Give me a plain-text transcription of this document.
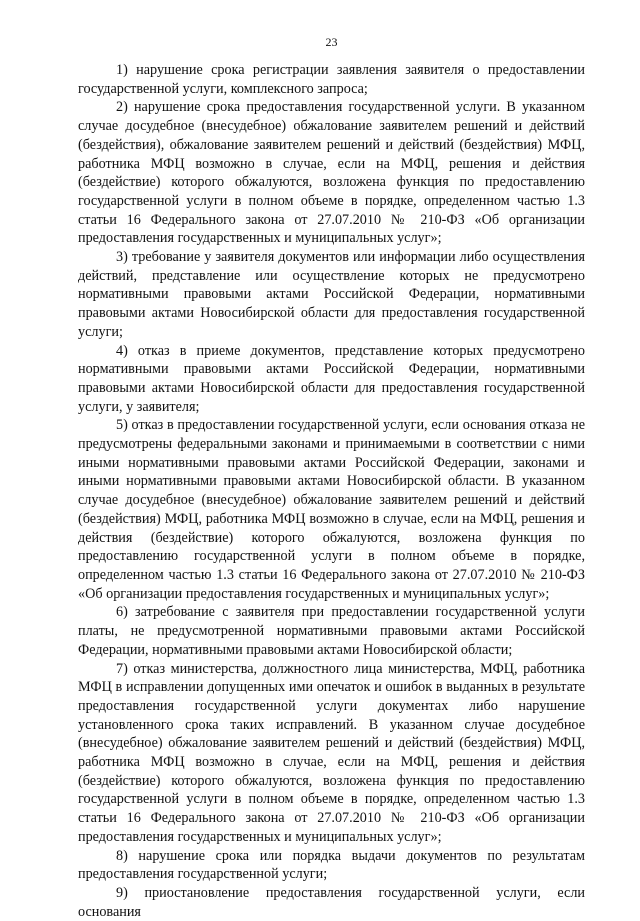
23

1) нарушение срока регистрации заявления заявителя о предоставлении государственной услуги, комплексного запроса;

2) нарушение срока предоставления государственной услуги. В указанном случае досудебное (внесудебное) обжалование заявителем решений и действий (бездействия), обжалование заявителем решений и действий (бездействия) МФЦ, работника МФЦ возможно в случае, если на МФЦ, решения и действия (бездействие) которого обжалуются, возложена функция по предоставлению государственной услуги в полном объеме в порядке, определенном частью 1.3 статьи 16 Федерального закона от 27.07.2010 № 210-ФЗ «Об организации предоставления государственных и муниципальных услуг»;

3) требование у заявителя документов или информации либо осуществления действий, представление или осуществление которых не предусмотрено нормативными правовыми актами Российской Федерации, нормативными правовыми актами Новосибирской области для предоставления государственной услуги;

4) отказ в приеме документов, представление которых предусмотрено нормативными правовыми актами Российской Федерации, нормативными правовыми актами Новосибирской области для предоставления государственной услуги, у заявителя;

5) отказ в предоставлении государственной услуги, если основания отказа не предусмотрены федеральными законами и принимаемыми в соответствии с ними иными нормативными правовыми актами Российской Федерации, законами и иными нормативными правовыми актами Новосибирской области. В указанном случае досудебное (внесудебное) обжалование заявителем решений и действий (бездействия) МФЦ, работника МФЦ возможно в случае, если на МФЦ, решения и действия (бездействие) которого обжалуются, возложена функция по предоставлению государственной услуги в полном объеме в порядке, определенном частью 1.3 статьи 16 Федерального закона от 27.07.2010 № 210-ФЗ «Об организации предоставления государственных и муниципальных услуг»;

6) затребование с заявителя при предоставлении государственной услуги платы, не предусмотренной нормативными правовыми актами Российской Федерации, нормативными правовыми актами Новосибирской области;

7) отказ министерства, должностного лица министерства, МФЦ, работника МФЦ в исправлении допущенных ими опечаток и ошибок в выданных в результате предоставления государственной услуги документах либо нарушение установленного срока таких исправлений. В указанном случае досудебное (внесудебное) обжалование заявителем решений и действий (бездействия) МФЦ, работника МФЦ возможно в случае, если на МФЦ, решения и действия (бездействие) которого обжалуются, возложена функция по предоставлению государственной услуги в полном объеме в порядке, определенном частью 1.3 статьи 16 Федерального закона от 27.07.2010 № 210-ФЗ «Об организации предоставления государственных и муниципальных услуг»;

8) нарушение срока или порядка выдачи документов по результатам предоставления государственной услуги;

9) приостановление предоставления государственной услуги, если основания
